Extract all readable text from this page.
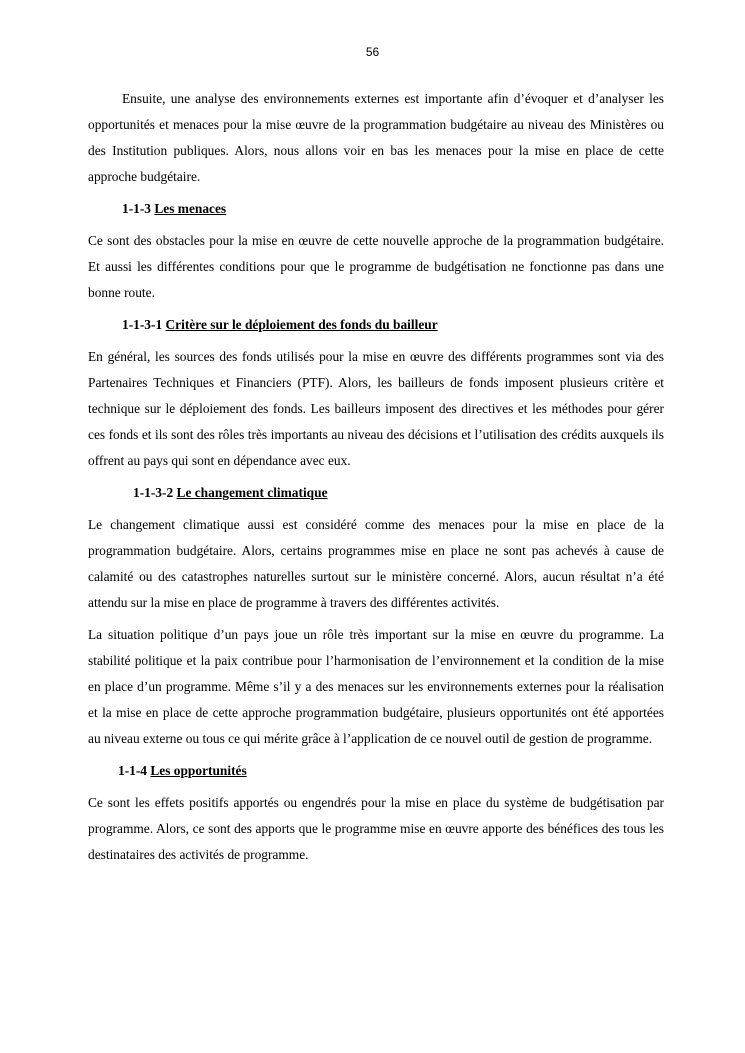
56

Ensuite, une analyse des environnements externes est importante afin d’évoquer et d’analyser les opportunités et menaces pour la mise œuvre de la programmation budgétaire au niveau des Ministères ou des Institution publiques. Alors, nous allons voir en bas les menaces pour la mise en place de cette approche budgétaire.

1-1-3 Les menaces

Ce sont des obstacles pour la mise en œuvre de cette nouvelle approche de la programmation budgétaire. Et aussi les différentes conditions pour que le programme de budgétisation ne fonctionne pas dans une bonne route.

1-1-3-1 Critère sur le déploiement des fonds du bailleur

En général, les sources des fonds utilisés pour la mise en œuvre des différents programmes sont via des Partenaires Techniques et Financiers (PTF). Alors, les bailleurs de fonds imposent plusieurs critère et technique sur le déploiement des fonds. Les bailleurs imposent des directives et les méthodes pour gérer ces fonds et ils sont des rôles très importants au niveau des décisions et l’utilisation des crédits auxquels ils offrent au pays qui sont en dépendance avec eux.

1-1-3-2 Le changement climatique

Le changement climatique aussi est considéré comme des menaces pour la mise en place de la programmation budgétaire. Alors, certains programmes mise en place ne sont pas achevés à cause de calamité ou des catastrophes naturelles surtout sur le ministère concerné. Alors, aucun résultat n’a été attendu sur la mise en place de programme à travers des différentes activités.

La situation politique d’un pays joue un rôle très important sur la mise en œuvre du programme. La stabilité politique et la paix contribue pour l’harmonisation de l’environnement et la condition de la mise en place d’un programme. Même s’il y a des menaces sur les environnements externes pour la réalisation et la mise en place de cette approche programmation budgétaire, plusieurs opportunités ont été apportées au niveau externe ou tous ce qui mérite grâce à l’application de ce nouvel outil de gestion de programme.

1-1-4 Les opportunités

Ce sont les effets positifs apportés ou engendrés pour la mise en place du système de budgétisation par programme. Alors, ce sont des apports que le programme mise en œuvre apporte des bénéfices des tous les destinataires des activités de programme.
